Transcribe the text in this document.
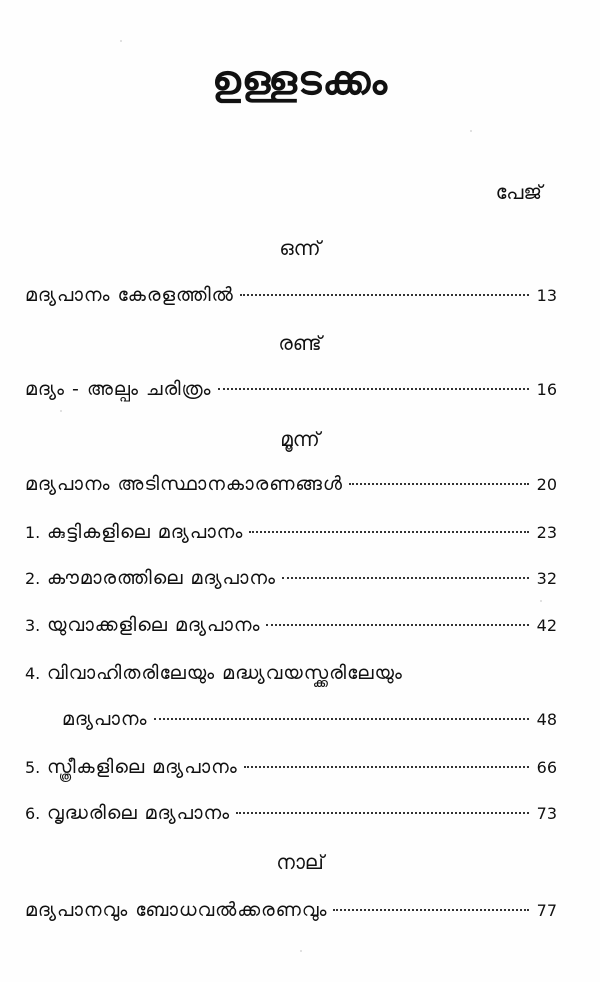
ഉള്ളടക്കം
പേജ്
ഒന്ന്
രണ്ട്
മൂന്ന്
നാല്
മദ്യപാനം കേരളത്തിൽ	13
മദ്യം - അല്പം ചരിത്രം	16
മദ്യപാനം അടിസ്ഥാനകാരണങ്ങൾ	20
1. കുട്ടികളിലെ മദ്യപാനം	23
2. കൗമാരത്തിലെ മദ്യപാനം	32
3. യുവാക്കളിലെ മദ്യപാനം	42
4. വിവാഹിതരിലേയും മദ്ധ്യവയസ്ക്കരിലേയും
മദ്യപാനം	48
5. സ്ത്രീകളിലെ മദ്യപാനം	66
6. വൃദ്ധരിലെ മദ്യപാനം	73
മദ്യപാനവും ബോധവൽക്കരണവും	77
